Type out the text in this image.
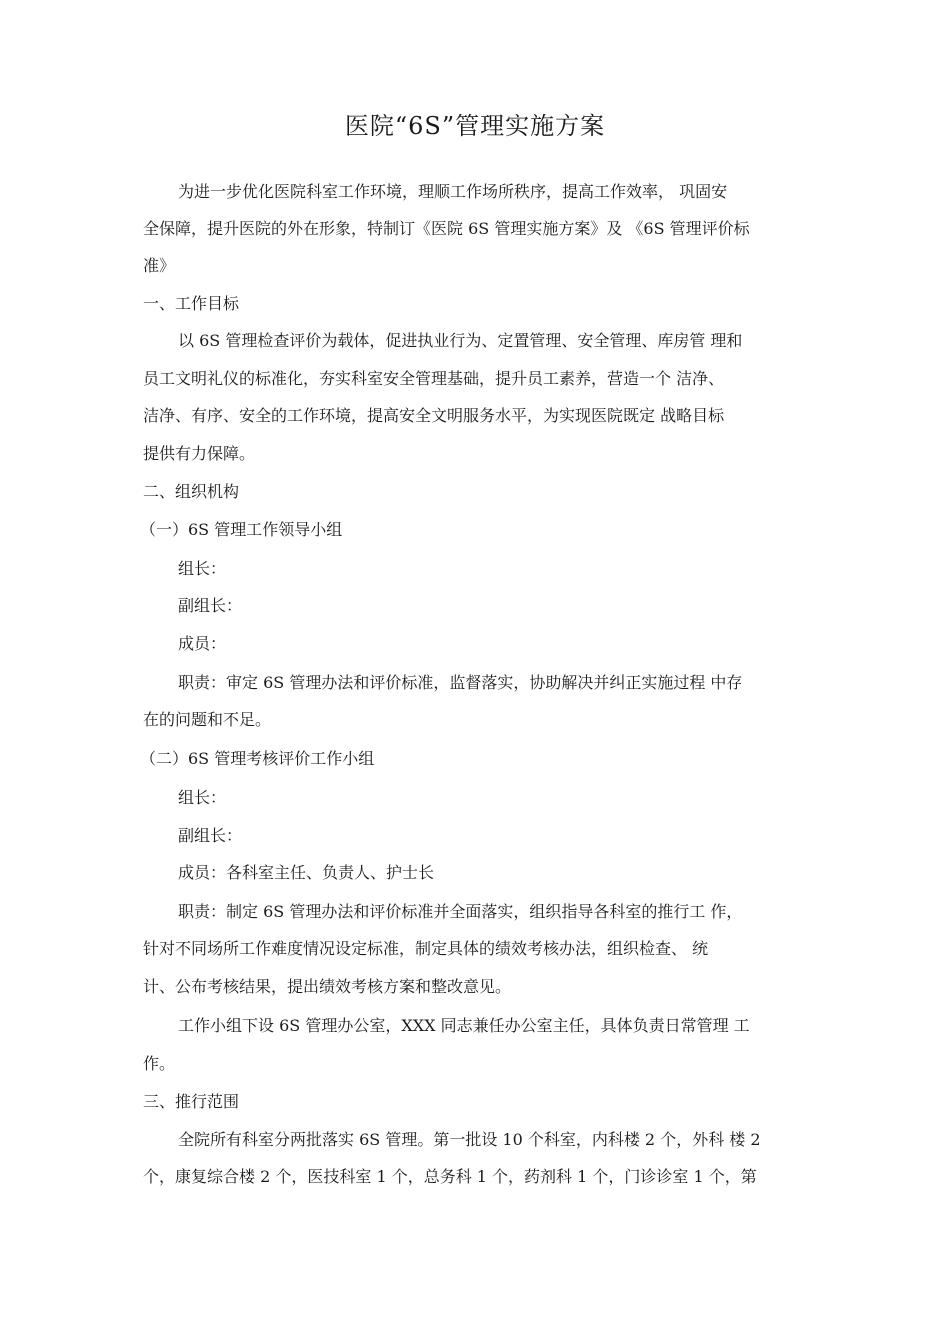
医院“6S”管理实施方案
为进一步优化医院科室工作环境，理顺工作场所秩序，提高工作效率， 巩固安
全保障，提升医院的外在形象，特制订《医院 6S 管理实施方案》及 《6S 管理评价标
准》
一、工作目标
以 6S 管理检查评价为载体，促进执业行为、定置管理、安全管理、库房管 理和
员工文明礼仪的标准化，夯实科室安全管理基础，提升员工素养，营造一个 洁净、
洁净、有序、安全的工作环境，提高安全文明服务水平，为实现医院既定 战略目标
提供有力保障。
二、组织机构
（一）6S 管理工作领导小组
组长：
副组长：
成员：
职责：审定 6S 管理办法和评价标准，监督落实，协助解决并纠正实施过程 中存
在的问题和不足。
（二）6S 管理考核评价工作小组
组长：
副组长：
成员：各科室主任、负责人、护士长
职责：制定 6S 管理办法和评价标准并全面落实，组织指导各科室的推行工 作，
针对不同场所工作难度情况设定标准，制定具体的绩效考核办法，组织检查、 统
计、公布考核结果，提出绩效考核方案和整改意见。
工作小组下设 6S 管理办公室，XXX 同志兼任办公室主任，具体负责日常管理 工
作。
三、推行范围
全院所有科室分两批落实 6S 管理。第一批设 10 个科室，内科楼 2 个，外科 楼 2
个，康复综合楼 2 个，医技科室 1 个，总务科 1 个，药剂科 1 个，门诊诊室 1 个，第
